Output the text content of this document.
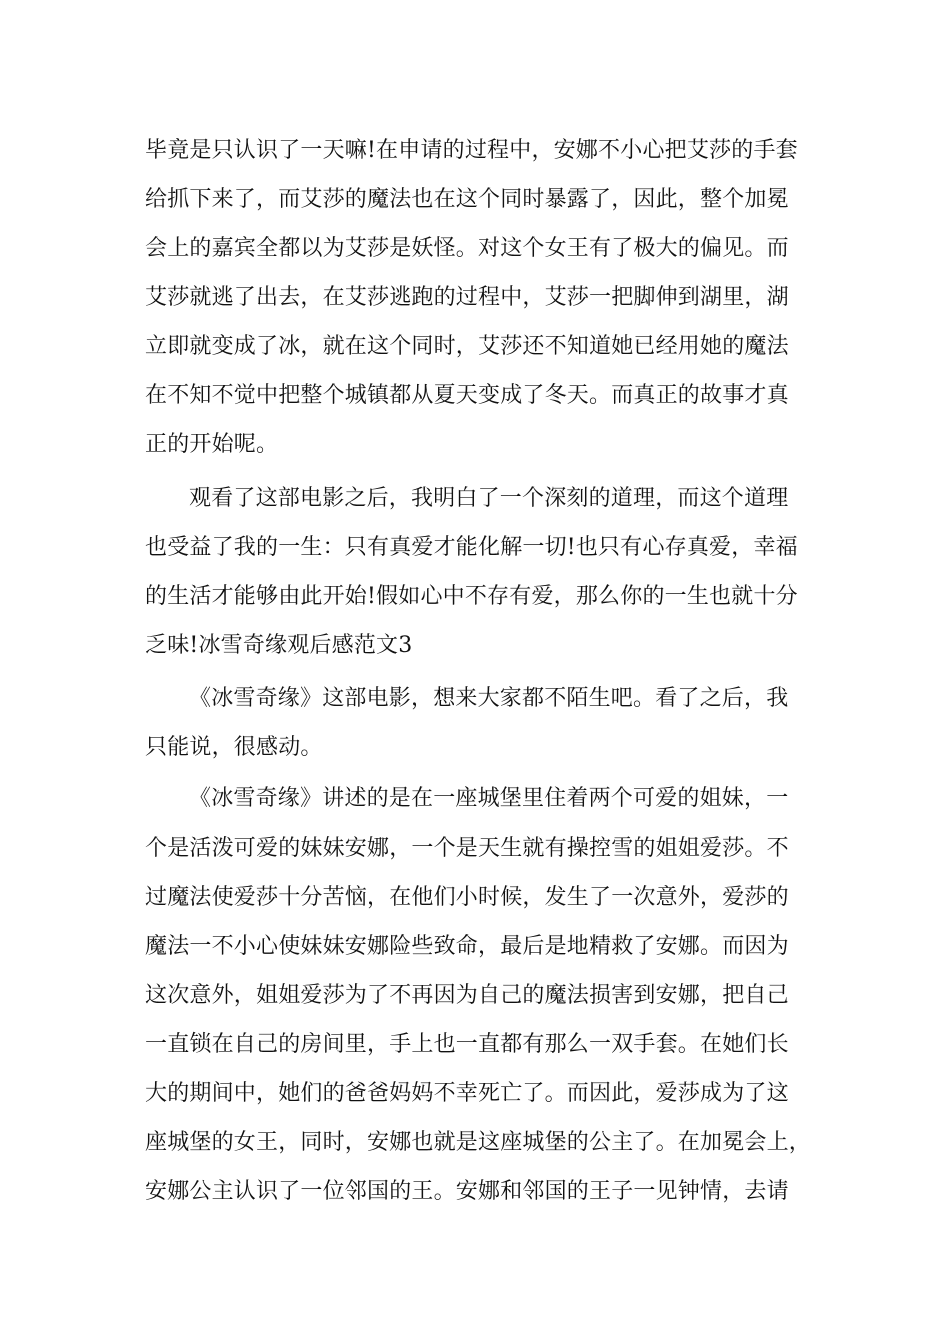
毕竟是只认识了一天嘛!在申请的过程中，安娜不小心把艾莎的手套
给抓下来了，而艾莎的魔法也在这个同时暴露了，因此，整个加冕
会上的嘉宾全都以为艾莎是妖怪。对这个女王有了极大的偏见。而
艾莎就逃了出去，在艾莎逃跑的过程中，艾莎一把脚伸到湖里，湖
立即就变成了冰，就在这个同时，艾莎还不知道她已经用她的魔法
在不知不觉中把整个城镇都从夏天变成了冬天。而真正的故事才真
正的开始呢。
观看了这部电影之后，我明白了一个深刻的道理，而这个道理
也受益了我的一生：只有真爱才能化解一切!也只有心存真爱，幸福
的生活才能够由此开始!假如心中不存有爱，那么你的一生也就十分
乏味!冰雪奇缘观后感范文3
《冰雪奇缘》这部电影，想来大家都不陌生吧。看了之后，我
只能说，很感动。
《冰雪奇缘》讲述的是在一座城堡里住着两个可爱的姐妹，一
个是活泼可爱的妹妹安娜，一个是天生就有操控雪的姐姐爱莎。不
过魔法使爱莎十分苦恼，在他们小时候，发生了一次意外，爱莎的
魔法一不小心使妹妹安娜险些致命，最后是地精救了安娜。而因为
这次意外，姐姐爱莎为了不再因为自己的魔法损害到安娜，把自己
一直锁在自己的房间里，手上也一直都有那么一双手套。在她们长
大的期间中，她们的爸爸妈妈不幸死亡了。而因此，爱莎成为了这
座城堡的女王，同时，安娜也就是这座城堡的公主了。在加冕会上，
安娜公主认识了一位邻国的王。安娜和邻国的王子一见钟情，去请
